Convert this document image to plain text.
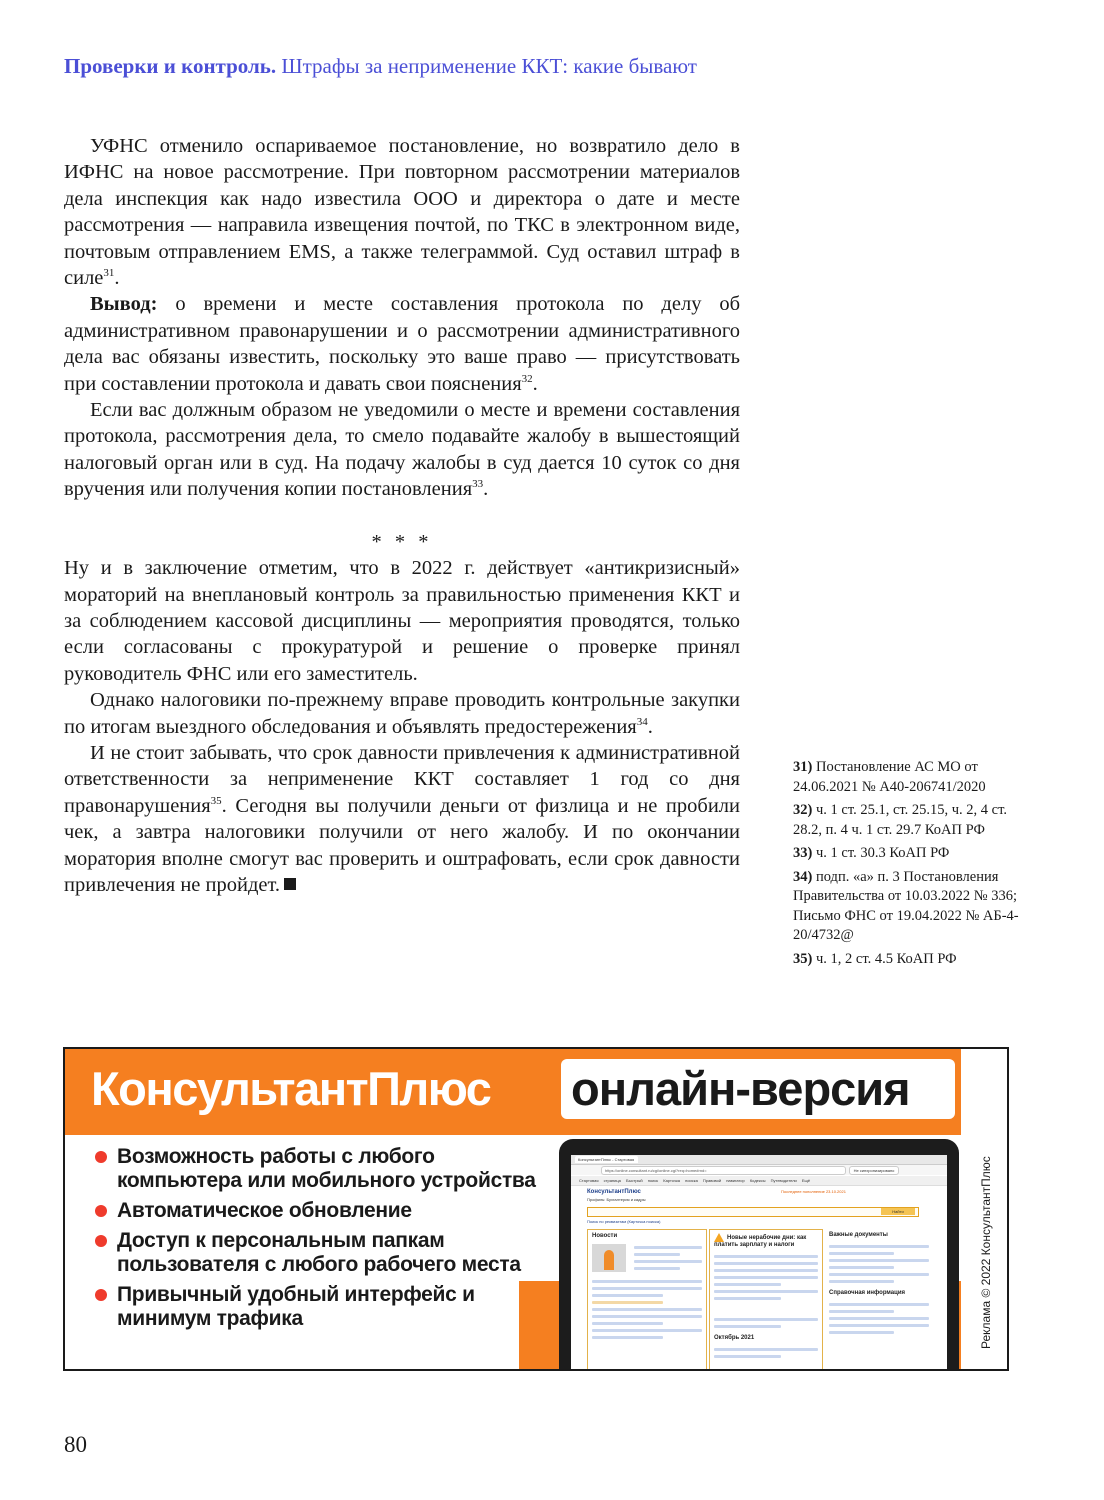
Проверки и контроль. Штрафы за неприменение ККТ: какие бывают

УФНС отменило оспариваемое постановление, но возвратило дело в ИФНС на новое рассмотрение. При повторном рассмотрении материалов дела инспекция как надо известила ООО и директора о дате и месте рассмотрения — направила извещения почтой, по ТКС в электронном виде, почтовым отправлением EMS, а также телеграммой. Суд оставил штраф в силе$^{31}$.

Вывод: о времени и месте составления протокола по делу об административном правонарушении и о рассмотрении административного дела вас обязаны известить, поскольку это ваше право — присутствовать при составлении протокола и давать свои пояснения$^{32}$.

Если вас должным образом не уведомили о месте и времени составления протокола, рассмотрения дела, то смело подавайте жалобу в вышестоящий налоговый орган или в суд. На подачу жалобы в суд дается 10 суток со дня вручения или получения копии постановления$^{33}$.

* * *

Ну и в заключение отметим, что в 2022 г. действует «антикризисный» мораторий на внеплановый контроль за правильностью применения ККТ и за соблюдением кассовой дисциплины — мероприятия проводятся, только если согласованы с прокуратурой и решение о проверке принял руководитель ФНС или его заместитель.

Однако налоговики по-прежнему вправе проводить контрольные закупки по итогам выездного обследования и объявлять предостережения$^{34}$.

И не стоит забывать, что срок давности привлечения к административной ответственности за неприменение ККТ составляет 1 год со дня правонарушения$^{35}$. Сегодня вы получили деньги от физлица и не пробили чек, а завтра налоговики получили от него жалобу. И по окончании моратория вполне смогут вас проверить и оштрафовать, если срок давности привлечения не пройдет.

31) Постановление АС МО от 24.06.2021 № А40-206741/2020
32) ч. 1 ст. 25.1, ст. 25.15, ч. 2, 4 ст. 28.2, п. 4 ч. 1 ст. 29.7 КоАП РФ
33) ч. 1 ст. 30.3 КоАП РФ
34) подп. «а» п. 3 Постановления Правительства от 10.03.2022 № 336; Письмо ФНС от 19.04.2022 № АБ-4-20/4732@
35) ч. 1, 2 ст. 4.5 КоАП РФ
КонсультантПлюс онлайн-версия
Возможность работы с любого компьютера или мобильного устройства
Автоматическое обновление
Доступ к персональным папкам пользователя с любого рабочего места
Привычный удобный интерфейс и минимум трафика
КонсультантПлюс - Стартовая
https://online.consultant.ru/cgi/online.cgi?req=home#rnd=	Не синхронизировано
Стартовая страница Быстрый поиск Карточка поиска Правовой навигатор Кодексы Путеводители Ещё
КонсультантПлюс
Профиль: Бухгалтерия и кадры
Последнее пополнение 23.10.2021
Найти
Поиск по реквизитам (Карточка поиска)
Новости	Новые нерабочие дни: как платить зарплату и налоги
Октябрь 2021
Важные документы
Справочная информация	Реклама © 2022 КонсультантПлюс
80
